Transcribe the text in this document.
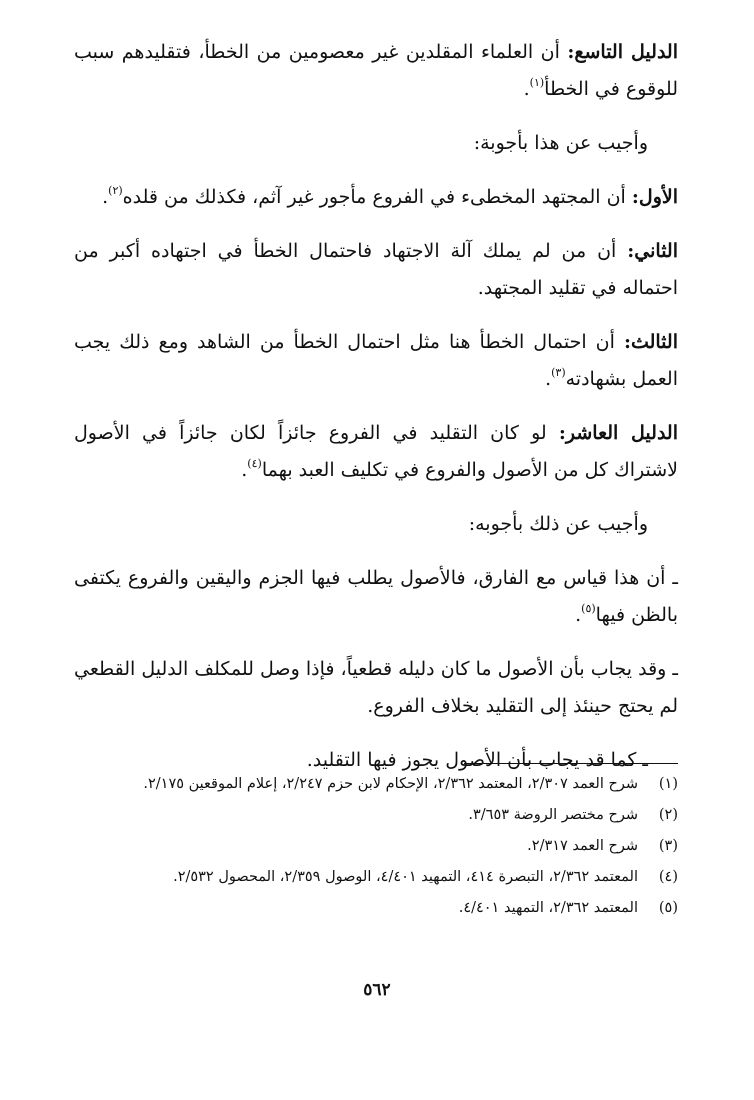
الدليل التاسع: أن العلماء المقلدين غير معصومين من الخطأ، فتقليدهم سبب للوقوع في الخطأ$^{(١)}$.

وأجيب عن هذا بأجوبة:

الأول: أن المجتهد المخطىء في الفروع مأجور غير آثم، فكذلك من قلده$^{(٢)}$.

الثاني: أن من لم يملك آلة الاجتهاد فاحتمال الخطأ في اجتهاده أكبر من احتماله في تقليد المجتهد.

الثالث: أن احتمال الخطأ هنا مثل احتمال الخطأ من الشاهد ومع ذلك يجب العمل بشهادته$^{(٣)}$.

الدليل العاشر: لو كان التقليد في الفروع جائزاً لكان جائزاً في الأصول لاشتراك كل من الأصول والفروع في تكليف العبد بهما$^{(٤)}$.

وأجيب عن ذلك بأجوبه:

ـ أن هذا قياس مع الفارق، فالأصول يطلب فيها الجزم واليقين والفروع يكتفى بالظن فيها$^{(٥)}$.

ـ وقد يجاب بأن الأصول ما كان دليله قطعياً، فإذا وصل للمكلف الدليل القطعي لم يحتج حينئذ إلى التقليد بخلاف الفروع.

ـ كما قد يجاب بأن الأصول يجوز فيها التقليد.

(١)
شرح العمد ٢/٣٠٧، المعتمد ٢/٣٦٢، الإحكام لابن حزم ٢/٢٤٧، إعلام الموقعين ٢/١٧٥.
(٢)
شرح مختصر الروضة ٣/٦٥٣.
(٣)
شرح العمد ٢/٣١٧.
(٤)
المعتمد ٢/٣٦٢، التبصرة ٤١٤، التمهيد ٤/٤٠١، الوصول ٢/٣٥٩، المحصول ٢/٥٣٢.
(٥)
المعتمد ٢/٣٦٢، التمهيد ٤/٤٠١.
٥٦٢
